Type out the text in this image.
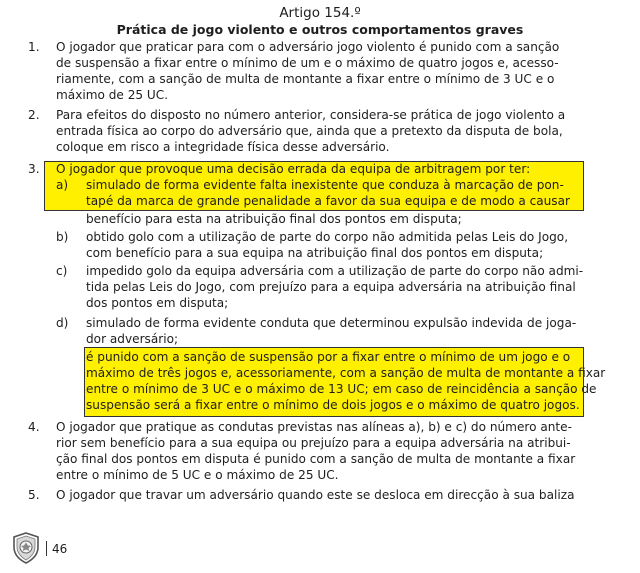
Artigo 154.º
Prática de jogo violento e outros comportamentos graves
1. O jogador que praticar para com o adversário jogo violento é punido com a sanção
de suspensão a fixar entre o mínimo de um e o máximo de quatro jogos e, acesso-
riamente, com a sanção de multa de montante a fixar entre o mínimo de 3 UC e o
máximo de 25 UC.
2. Para efeitos do disposto no número anterior, considera-se prática de jogo violento a
entrada física ao corpo do adversário que, ainda que a pretexto da disputa de bola,
coloque em risco a integridade física desse adversário.
3. O jogador que provoque uma decisão errada da equipa de arbitragem por ter:
a) simulado de forma evidente falta inexistente que conduza à marcação de pon-
tapé da marca de grande penalidade a favor da sua equipa e de modo a causar
benefício para esta na atribuição final dos pontos em disputa;
b) obtido golo com a utilização de parte do corpo não admitida pelas Leis do Jogo,
com benefício para a sua equipa na atribuição final dos pontos em disputa;
c) impedido golo da equipa adversária com a utilização de parte do corpo não admi-
tida pelas Leis do Jogo, com prejuízo para a equipa adversária na atribuição final
dos pontos em disputa;
d) simulado de forma evidente conduta que determinou expulsão indevida de joga-
dor adversário;
é punido com a sanção de suspensão por a fixar entre o mínimo de um jogo e o
máximo de três jogos e, acessoriamente, com a sanção de multa de montante a fixar
entre o mínimo de 3 UC e o máximo de 13 UC; em caso de reincidência a sanção de
suspensão será a fixar entre o mínimo de dois jogos e o máximo de quatro jogos.
4. O jogador que pratique as condutas previstas nas alíneas a), b) e c) do número ante-
rior sem benefício para a sua equipa ou prejuízo para a equipa adversária na atribui-
ção final dos pontos em disputa é punido com a sanção de multa de montante a fixar
entre o mínimo de 5 UC e o máximo de 25 UC.
5. O jogador que travar um adversário quando este se desloca em direcção à sua baliza
46
